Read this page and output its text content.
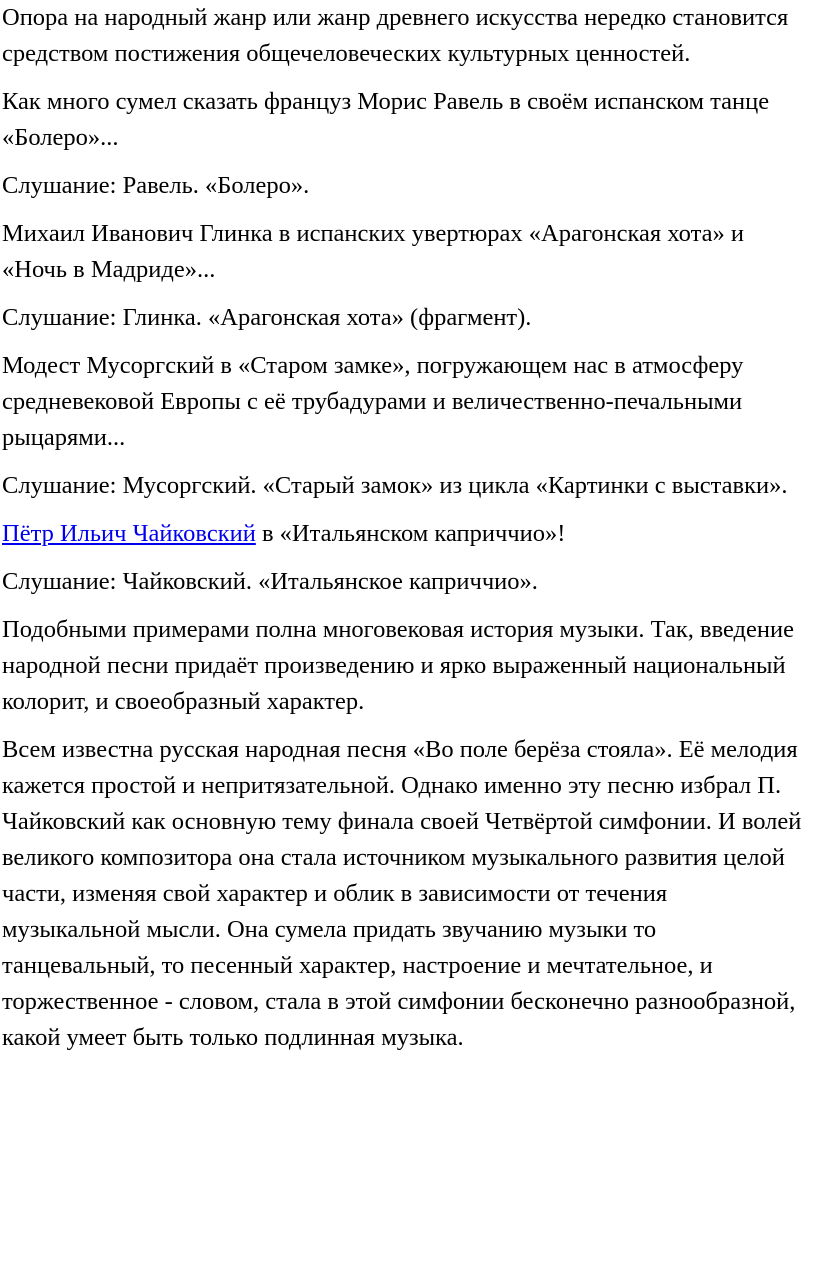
Опора на народный жанр или жанр древнего искусства нередко становится средством постижения общечеловеческих культурных ценностей.

Как много сумел сказать француз Морис Равель в своём испанском танце «Болеро»...

Слушание: Равель. «Болеро».

Михаил Иванович Глинка в испанских увертюрах «Арагонская хота» и «Ночь в Мадриде»...

Слушание: Глинка. «Арагонская хота» (фрагмент).

Модест Мусоргский в «Старом замке», погружающем нас в атмосферу средневековой Европы с её трубадурами и величественно-печальными рыцарями...

Слушание: Мусоргский. «Старый замок» из цикла «Картинки с выставки».

Пётр Ильич Чайковский в «Итальянском каприччио»!

Слушание: Чайковский. «Итальянское каприччио».

Подобными примерами полна многовековая история музыки. Так, введение народной песни придаёт произведению и ярко выраженный национальный колорит, и своеобразный характер.

Всем известна русская народная песня «Во поле берёза стояла». Её мелодия кажется простой и непритязательной. Однако именно эту песню избрал П. Чайковский как основную тему финала своей Четвёртой симфонии. И волей великого композитора она стала источником музыкального развития целой части, изменяя свой характер и облик в зависимости от течения музыкальной мысли. Она сумела придать звучанию музыки то танцевальный, то песенный характер, настроение и мечтательное, и торжественное - словом, стала в этой симфонии бесконечно разнообразной, какой умеет быть только подлинная музыка.
